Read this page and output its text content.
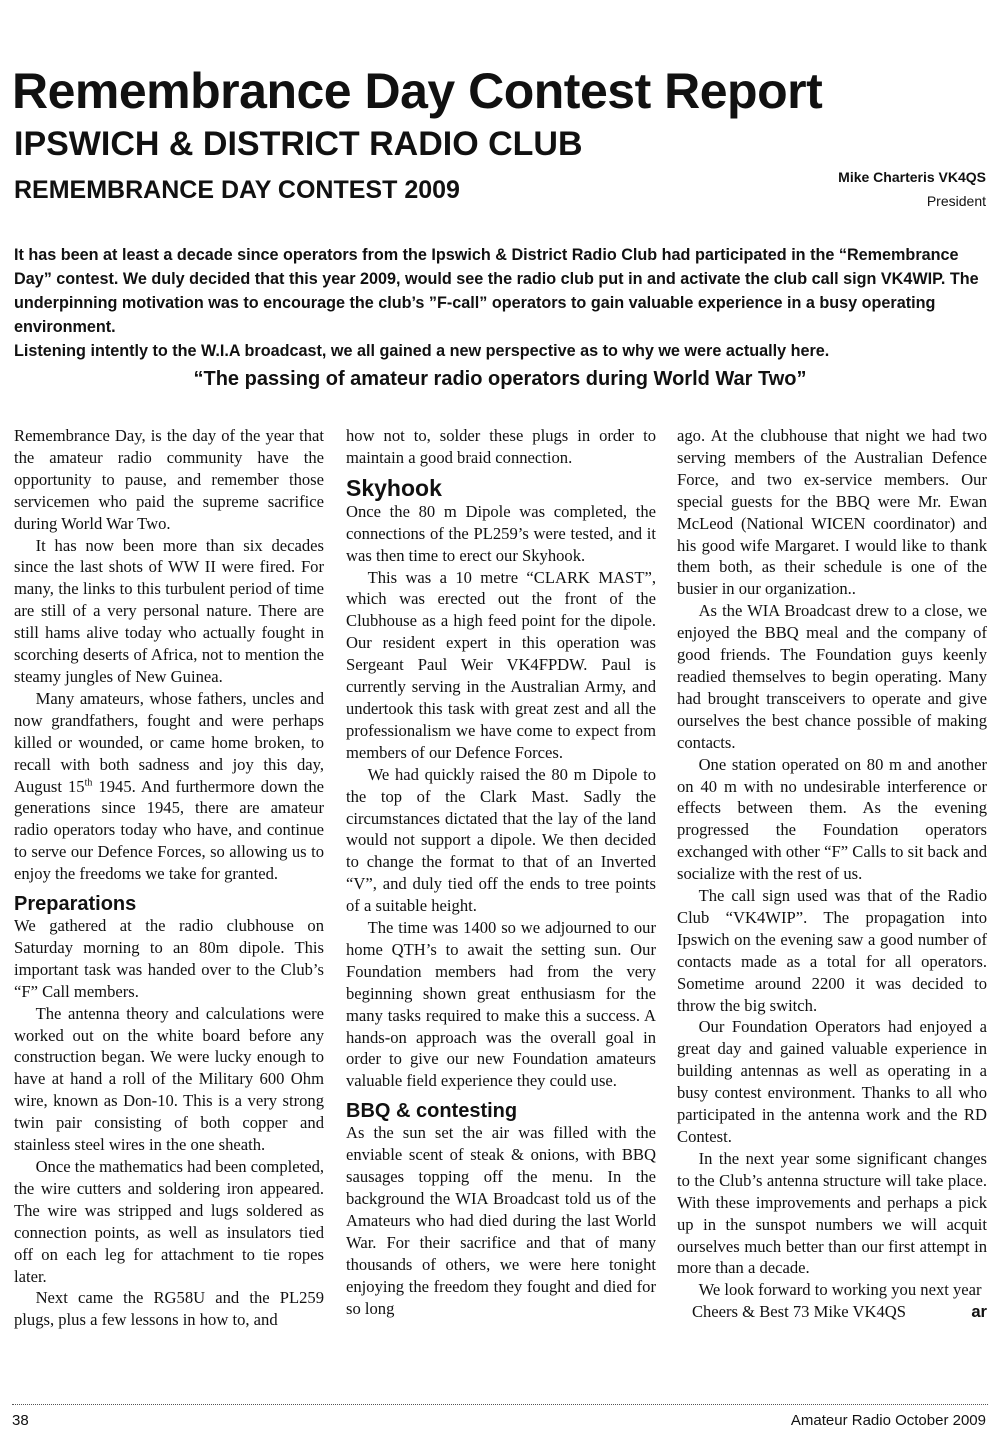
Remembrance Day Contest Report
IPSWICH & DISTRICT RADIO CLUB
REMEMBRANCE DAY CONTEST 2009	Mike Charteris VK4QS
President

It has been at least a decade since operators from the Ipswich & District Radio Club had participated in the “Remembrance Day” contest. We duly decided that this year 2009, would see the radio club put in and activate the club call sign VK4WIP. The underpinning motivation was to encourage the club’s ”F-call” operators to gain valuable experience in a busy operating environment.

Listening intently to the W.I.A broadcast, we all gained a new perspective as to why we were actually here.

“The passing of amateur radio operators during World War Two”

Remembrance Day, is the day of the year that the amateur radio community have the opportunity to pause, and remember those servicemen who paid the supreme sacrifice during World War Two.

It has now been more than six decades since the last shots of WW II were fired. For many, the links to this turbulent period of time are still of a very personal nature. There are still hams alive today who actually fought in scorching deserts of Africa, not to mention the steamy jungles of New Guinea.

Many amateurs, whose fathers, uncles and now grandfathers, fought and were perhaps killed or wounded, or came home broken, to recall with both sadness and joy this day, August 15th 1945. And furthermore down the generations since 1945, there are amateur radio operators today who have, and continue to serve our Defence Forces, so allowing us to enjoy the freedoms we take for granted.

Preparations

We gathered at the radio clubhouse on Saturday morning to an 80m dipole. This important task was handed over to the Club’s “F” Call members.

The antenna theory and calculations were worked out on the white board before any construction began. We were lucky enough to have at hand a roll of the Military 600 Ohm wire, known as Don-10. This is a very strong twin pair consisting of both copper and stainless steel wires in the one sheath.

Once the mathematics had been completed, the wire cutters and soldering iron appeared. The wire was stripped and lugs soldered as connection points, as well as insulators tied off on each leg for attachment to tie ropes later.

Next came the RG58U and the PL259 plugs, plus a few lessons in how to, and

how not to, solder these plugs in order to maintain a good braid connection.

Skyhook

Once the 80 m Dipole was completed, the connections of the PL259’s were tested, and it was then time to erect our Skyhook.

This was a 10 metre “CLARK MAST”, which was erected out the front of the Clubhouse as a high feed point for the dipole. Our resident expert in this operation was Sergeant Paul Weir VK4FPDW. Paul is currently serving in the Australian Army, and undertook this task with great zest and all the professionalism we have come to expect from members of our Defence Forces.

We had quickly raised the 80 m Dipole to the top of the Clark Mast. Sadly the circumstances dictated that the lay of the land would not support a dipole. We then decided to change the format to that of an Inverted “V”, and duly tied off the ends to tree points of a suitable height.

The time was 1400 so we adjourned to our home QTH’s to await the setting sun. Our Foundation members had from the very beginning shown great enthusiasm for the many tasks required to make this a success. A hands-on approach was the overall goal in order to give our new Foundation amateurs valuable field experience they could use.

BBQ & contesting

As the sun set the air was filled with the enviable scent of steak & onions, with BBQ sausages topping off the menu. In the background the WIA Broadcast told us of the Amateurs who had died during the last World War. For their sacrifice and that of many thousands of others, we were here tonight enjoying the freedom they fought and died for so long

ago. At the clubhouse that night we had two serving members of the Australian Defence Force, and two ex-service members. Our special guests for the BBQ were Mr. Ewan McLeod (National WICEN coordinator) and his good wife Margaret. I would like to thank them both, as their schedule is one of the busier in our organization..

As the WIA Broadcast drew to a close, we enjoyed the BBQ meal and the company of good friends. The Foundation guys keenly readied themselves to begin operating. Many had brought transceivers to operate and give ourselves the best chance possible of making contacts.

One station operated on 80 m and another on 40 m with no undesirable interference or effects between them. As the evening progressed the Foundation operators exchanged with other “F” Calls to sit back and socialize with the rest of us.

The call sign used was that of the Radio Club “VK4WIP”. The propagation into Ipswich on the evening saw a good number of contacts made as a total for all operators. Sometime around 2200 it was decided to throw the big switch.

Our Foundation Operators had enjoyed a great day and gained valuable experience in building antennas as well as operating in a busy contest environment. Thanks to all who participated in the antenna work and the RD Contest.

In the next year some significant changes to the Club’s antenna structure will take place. With these improvements and perhaps a pick up in the sunspot numbers we will acquit ourselves much better than our first attempt in more than a decade.

We look forward to working you next year

Cheers & Best 73 Mike VK4QS	ar

38	Amateur Radio October 2009
